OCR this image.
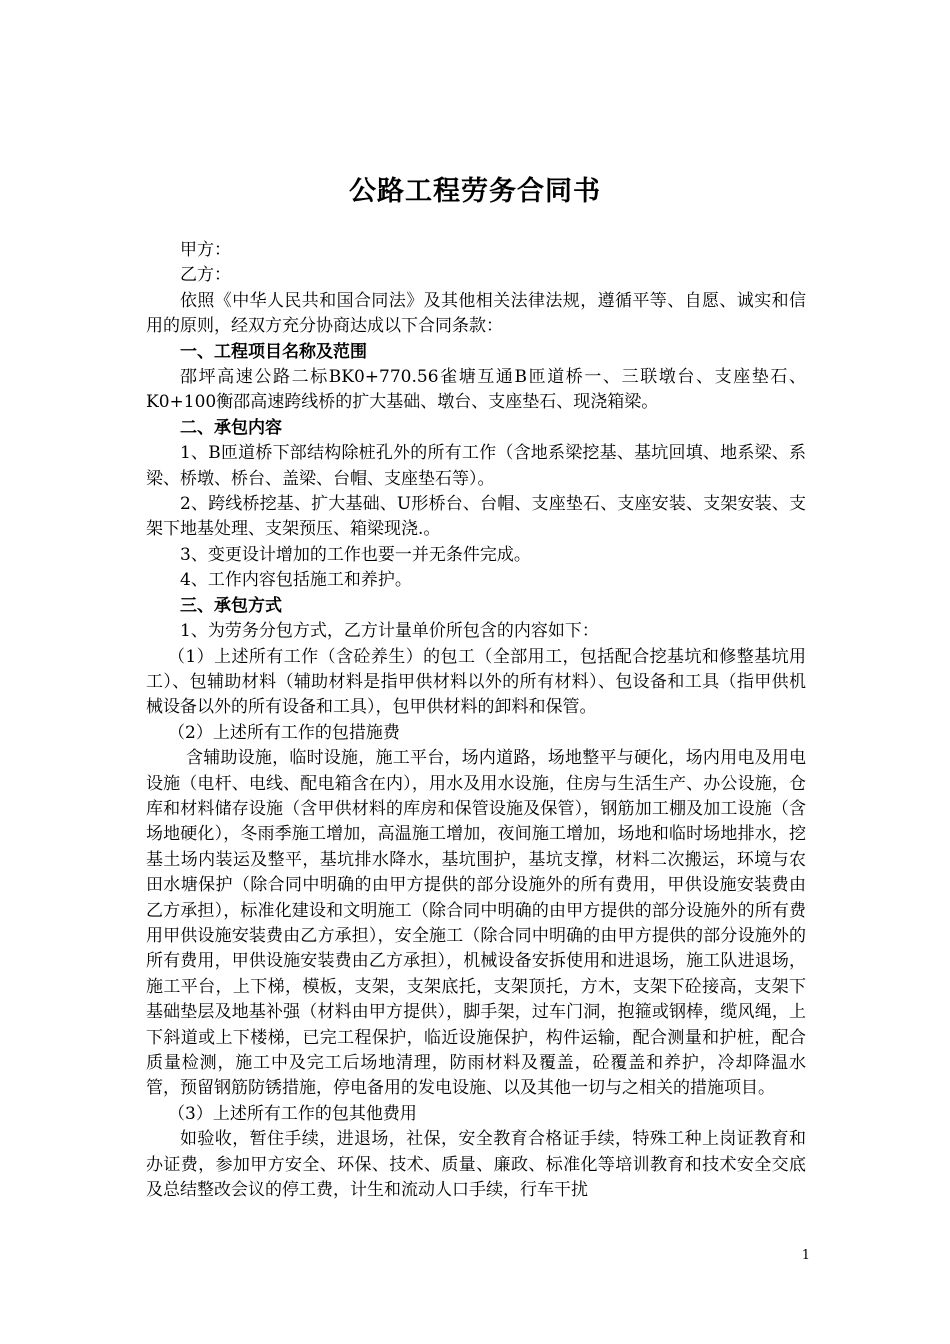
公路工程劳务合同书

甲方：

乙方：

依照《中华人民共和国合同法》及其他相关法律法规，遵循平等、自愿、诚实和信用的原则，经双方充分协商达成以下合同条款：

一、工程项目名称及范围

邵坪高速公路二标BK0+770.56雀塘互通B匝道桥一、三联墩台、支座垫石、K0+100衡邵高速跨线桥的扩大基础、墩台、支座垫石、现浇箱梁。

二、承包内容

1、B匝道桥下部结构除桩孔外的所有工作（含地系梁挖基、基坑回填、地系梁、系梁、桥墩、桥台、盖梁、台帽、支座垫石等）。

2、跨线桥挖基、扩大基础、U形桥台、台帽、支座垫石、支座安装、支架安装、支架下地基处理、支架预压、箱梁现浇.。

3、变更设计增加的工作也要一并无条件完成。

4、工作内容包括施工和养护。

三、承包方式

1、为劳务分包方式，乙方计量单价所包含的内容如下：

（1）上述所有工作（含砼养生）的包工（全部用工，包括配合挖基坑和修整基坑用工）、包辅助材料（辅助材料是指甲供材料以外的所有材料）、包设备和工具（指甲供机械设备以外的所有设备和工具），包甲供材料的卸料和保管。

（2）上述所有工作的包措施费

含辅助设施，临时设施，施工平台，场内道路，场地整平与硬化，场内用电及用电设施（电杆、电线、配电箱含在内），用水及用水设施，住房与生活生产、办公设施，仓库和材料储存设施（含甲供材料的库房和保管设施及保管），钢筋加工棚及加工设施（含场地硬化），冬雨季施工增加，高温施工增加，夜间施工增加，场地和临时场地排水，挖基土场内装运及整平，基坑排水降水，基坑围护，基坑支撑，材料二次搬运，环境与农田水塘保护（除合同中明确的由甲方提供的部分设施外的所有费用，甲供设施安装费由乙方承担），标准化建设和文明施工（除合同中明确的由甲方提供的部分设施外的所有费用甲供设施安装费由乙方承担），安全施工（除合同中明确的由甲方提供的部分设施外的所有费用，甲供设施安装费由乙方承担），机械设备安拆使用和进退场，施工队进退场，施工平台，上下梯，模板，支架，支架底托，支架顶托，方木，支架下砼接高，支架下基础垫层及地基补强（材料由甲方提供），脚手架，过车门洞，抱箍或钢棒，缆风绳，上下斜道或上下楼梯，已完工程保护，临近设施保护，构件运输，配合测量和护桩，配合质量检测，施工中及完工后场地清理，防雨材料及覆盖，砼覆盖和养护，冷却降温水管，预留钢筋防锈措施，停电备用的发电设施、以及其他一切与之相关的措施项目。

（3）上述所有工作的包其他费用

如验收，暂住手续，进退场，社保，安全教育合格证手续，特殊工种上岗证教育和办证费，参加甲方安全、环保、技术、质量、廉政、标准化等培训教育和技术安全交底及总结整改会议的停工费，计生和流动人口手续，行车干扰

1
